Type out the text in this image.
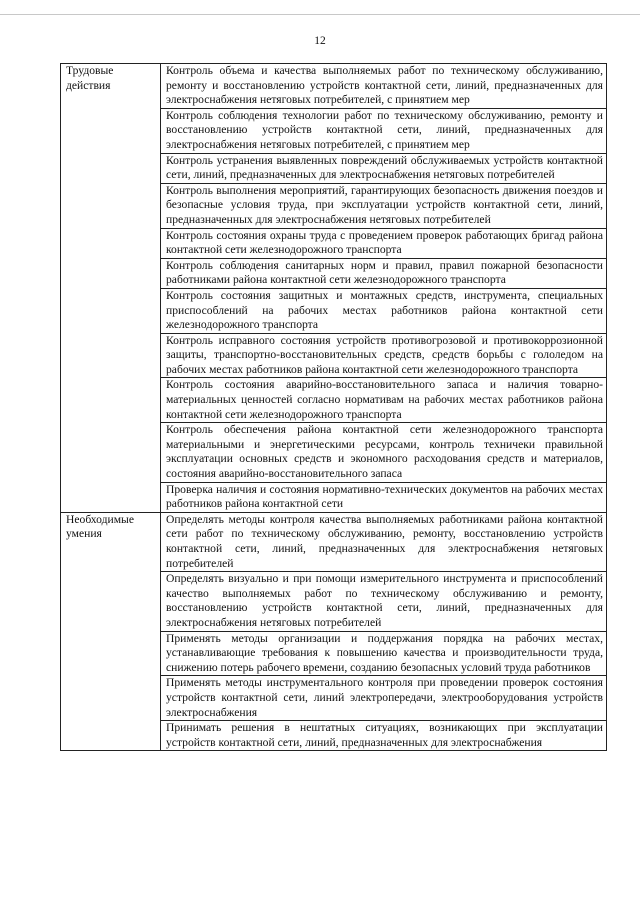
12
Трудовые действия	Контроль объема и качества выполняемых работ по техническому обслуживанию, ремонту и восстановлению устройств контактной сети, линий, предназначенных для электроснабжения нетяговых потребителей, с принятием мер

	Контроль соблюдения технологии работ по техническому обслуживанию, ремонту и восстановлению устройств контактной сети, линий, предназначенных для электроснабжения нетяговых потребителей, с принятием мер

	Контроль устранения выявленных повреждений обслуживаемых устройств контактной сети, линий, предназначенных для электроснабжения нетяговых потребителей

	Контроль выполнения мероприятий, гарантирующих безопасность движения поездов и безопасные условия труда, при эксплуатации устройств контактной сети, линий, предназначенных для электроснабжения нетяговых потребителей

	Контроль состояния охраны труда с проведением проверок работающих бригад района контактной сети железнодорожного транспорта

	Контроль соблюдения санитарных норм и правил, правил пожарной безопасности работниками района контактной сети железнодорожного транспорта

	Контроль состояния защитных и монтажных средств, инструмента, специальных приспособлений на рабочих местах работников района контактной сети железнодорожного транспорта

	Контроль исправного состояния устройств противогрозовой и противокоррозионной защиты, транспортно-восстановительных средств, средств борьбы с гололедом на рабочих местах работников района контактной сети железнодорожного транспорта

	Контроль состояния аварийно-восстановительного запаса и наличия товарно-материальных ценностей согласно нормативам на рабочих местах работников района контактной сети железнодорожного транспорта

	Контроль обеспечения района контактной сети железнодорожного транспорта материальными и энергетическими ресурсами, контроль техничеки правильной эксплуатации основных средств и экономного расходования средств и материалов, состояния аварийно-восстановительного запаса

	Проверка наличия и состояния нормативно-технических документов на рабочих местах работников района контактной сети

Необходимые умения	Определять методы контроля качества выполняемых работниками района контактной сети работ по техническому обслуживанию, ремонту, восстановлению устройств контактной сети, линий, предназначенных для электроснабжения нетяговых потребителей

	Определять визуально и при помощи измерительного инструмента и приспособлений качество выполняемых работ по техническому обслуживанию и ремонту, восстановлению устройств контактной сети, линий, предназначенных для электроснабжения нетяговых потребителей

	Применять методы организации и поддержания порядка на рабочих местах, устанавливающие требования к повышению качества и производительности труда, снижению потерь рабочего времени, созданию безопасных условий труда работников

	Применять методы инструментального контроля при проведении проверок состояния устройств контактной сети, линий электропередачи, электрооборудования устройств электроснабжения

	Принимать решения в нештатных ситуациях, возникающих при эксплуатации устройств контактной сети, линий, предназначенных для электроснабжения
